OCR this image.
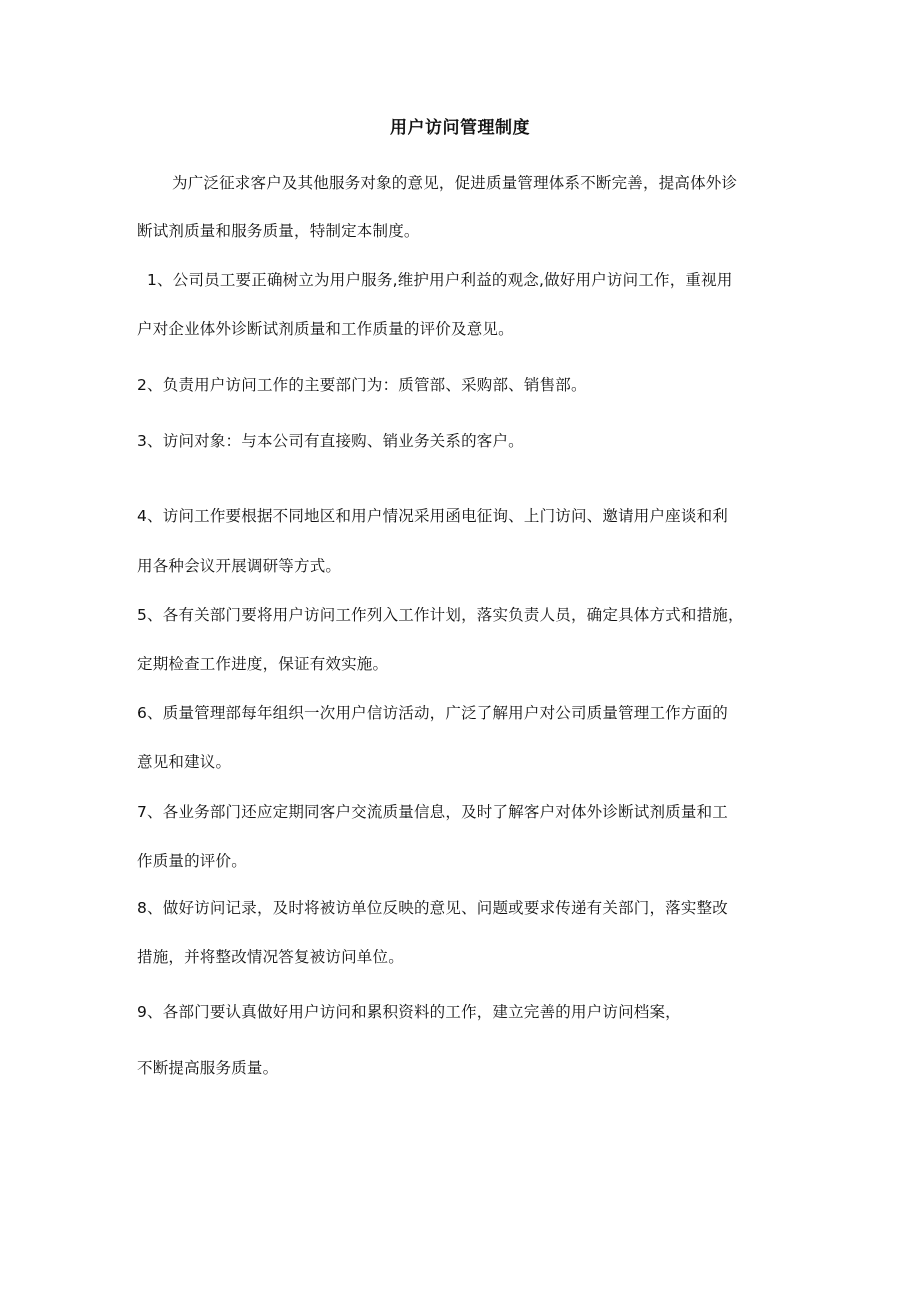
用户访问管理制度
为广泛征求客户及其他服务对象的意见，促进质量管理体系不断完善，提高体外诊
断试剂质量和服务质量，特制定本制度。
1、公司员工要正确树立为用户服务,维护用户利益的观念,做好用户访问工作，重视用
户对企业体外诊断试剂质量和工作质量的评价及意见。
2、负责用户访问工作的主要部门为：质管部、采购部、销售部。
3、访问对象：与本公司有直接购、销业务关系的客户。
4、访问工作要根据不同地区和用户情况采用函电征询、上门访问、邀请用户座谈和利
用各种会议开展调研等方式。
5、各有关部门要将用户访问工作列入工作计划，落实负责人员，确定具体方式和措施，
定期检查工作进度，保证有效实施。
6、质量管理部每年组织一次用户信访活动，广泛了解用户对公司质量管理工作方面的
意见和建议。
7、各业务部门还应定期同客户交流质量信息，及时了解客户对体外诊断试剂质量和工
作质量的评价。
8、做好访问记录，及时将被访单位反映的意见、问题或要求传递有关部门，落实整改
措施，并将整改情况答复被访问单位。
9、各部门要认真做好用户访问和累积资料的工作，建立完善的用户访问档案，
不断提高服务质量。
